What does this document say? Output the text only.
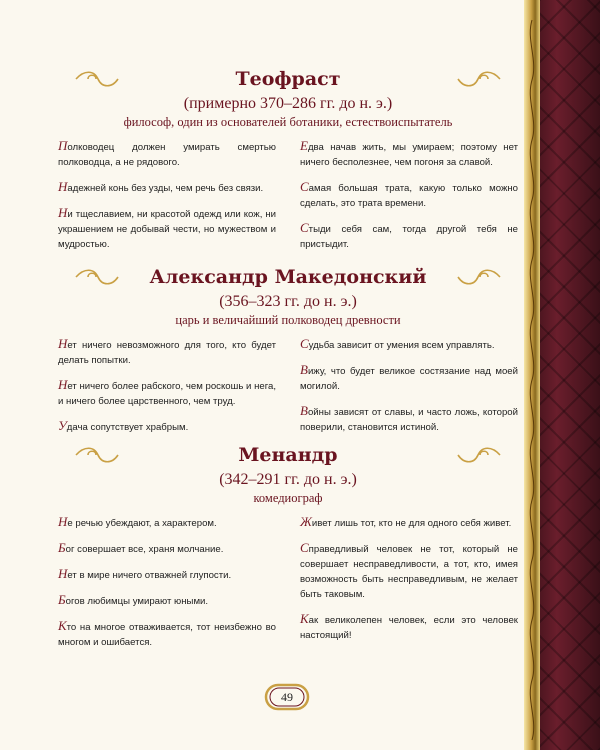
Теофраст
(примерно 370–286 гг. до н. э.)
философ, один из основателей ботаники, естествоиспытатель

Полководец должен умирать смертью полководца, а не рядового.

Надежней конь без узды, чем речь без связи.

Ни тщеславием, ни красотой одежд или кож, ни украшением не добывай чести, но мужеством и мудростью.

Едва начав жить, мы умираем; поэтому нет ничего бесполезнее, чем погоня за славой.

Самая большая трата, какую только можно сделать, это трата времени.

Стыди себя сам, тогда другой тебя не пристыдит.

Александр Македонский
(356–323 гг. до н. э.)
царь и величайший полководец древности

Нет ничего невозможного для того, кто будет делать попытки.

Нет ничего более рабского, чем роскошь и нега, и ничего более царственного, чем труд.

Удача сопутствует храбрым.

Судьба зависит от умения всем управлять.

Вижу, что будет великое состязание над моей могилой.

Войны зависят от славы, и часто ложь, которой поверили, становится истиной.

Менандр
(342–291 гг. до н. э.)
комедиограф

Не речью убеждают, а характером.

Бог совершает все, храня молчание.

Нет в мире ничего отважней глупости.

Богов любимцы умирают юными.

Кто на многое отваживается, тот неизбежно во многом и ошибается.

Живет лишь тот, кто не для одного себя живет.

Справедливый человек не тот, который не совершает несправедливости, а тот, кто, имея возможность быть несправедливым, не желает быть таковым.

Как великолепен человек, если это человек настоящий!

49
